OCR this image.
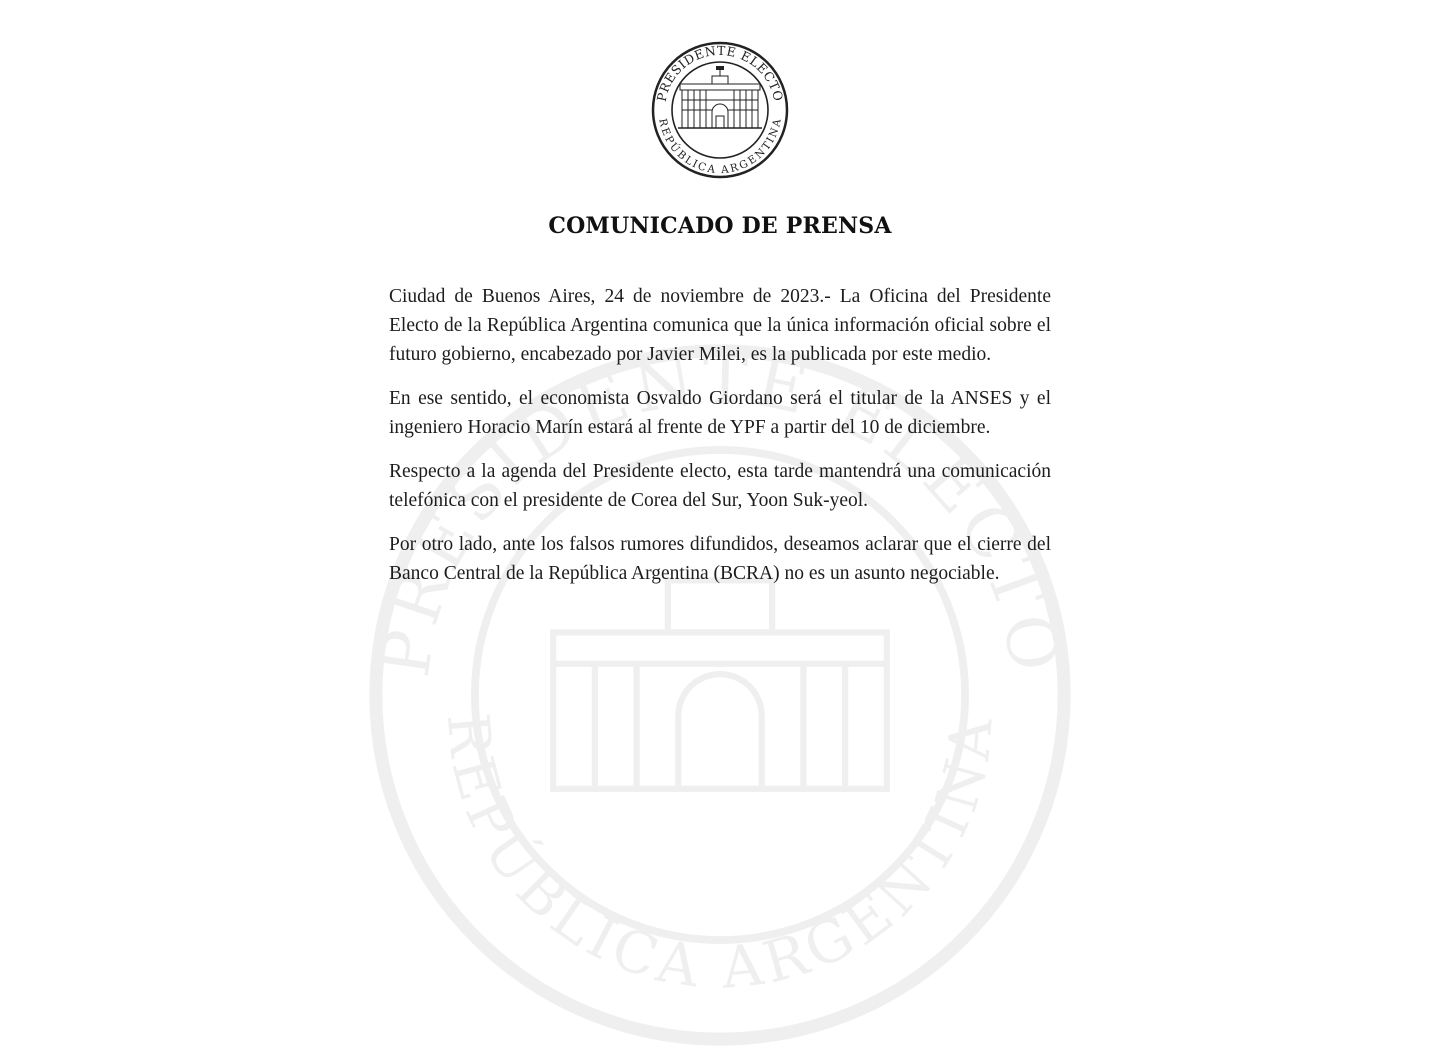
PRESIDENTE ELECTO
REPÚBLICA ARGENTINA
PRESIDENTE ELECTO
REPÚBLICA ARGENTINA
COMUNICADO DE PRENSA

Ciudad de Buenos Aires, 24 de noviembre de 2023.- La Oficina del Presidente Electo de la República Argentina comunica que la única información oficial sobre el futuro gobierno, encabezado por Javier Milei, es la publicada por este medio.

En ese sentido, el economista Osvaldo Giordano será el titular de la ANSES y el ingeniero Horacio Marín estará al frente de YPF a partir del 10 de diciembre.

Respecto a la agenda del Presidente electo, esta tarde mantendrá una comunicación telefónica con el presidente de Corea del Sur, Yoon Suk-yeol.

Por otro lado, ante los falsos rumores difundidos, deseamos aclarar que el cierre del Banco Central de la República Argentina (BCRA) no es un asunto negociable.
